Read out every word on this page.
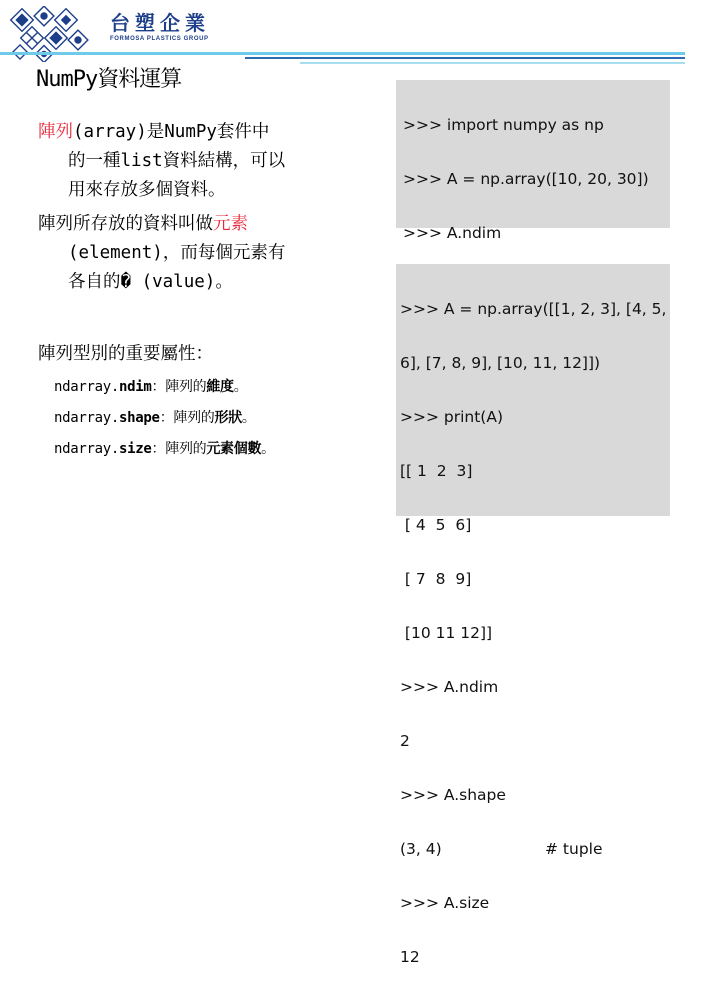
台塑企業
FORMOSA PLASTICS GROUP
NumPy資料運算
陣列(array)是NumPy套件中
的一種list資料結構，可以
用來存放多個資料。
陣列所存放的資料叫做元素
(element)，而每個元素有
各自的� (value)。
陣列型別的重要屬性：
ndarray.ndim：陣列的維度。
ndarray.shape：陣列的形狀。
ndarray.size：陣列的元素個數。

>>> import numpy as np

>>> A = np.array([10, 20, 30])

>>> A.ndim

>>> A = np.array([[1, 2, 3], [4, 5,

6], [7, 8, 9], [10, 11, 12]])

>>> print(A)

[[ 1  2  3]

[ 4  5  6]

[ 7  8  9]

[10 11 12]]

>>> A.ndim

2

>>> A.shape

(3, 4)	# tuple

>>> A.size

12
